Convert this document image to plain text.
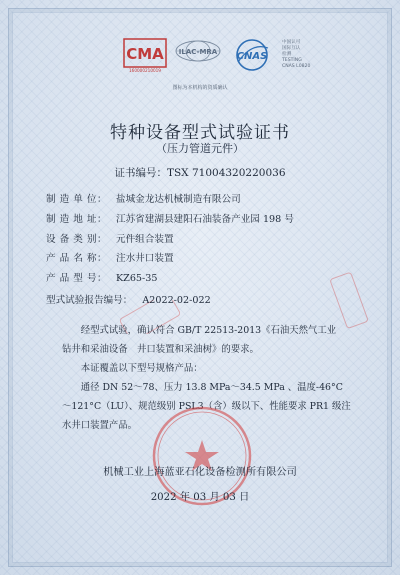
CMA
160000210019
ILAC-MRA CNAS
中国认可
国际互认
检测
TESTING
CNAS L0820
图标为本机构的资质确认
特种设备型式试验证书
（压力管道元件）
证书编号：TSX 71004320220036
制 造 单 位： 盐城金龙达机械制造有限公司
制 造 地 址： 江苏省建湖县建阳石油装备产业园 198 号
设 备 类 别： 元件组合装置
产 品 名 称： 注水井口装置
产 品 型 号： KZ65-35
型式试验报告编号： A2022-02-022

经型式试验，确认符合 GB/T 22513-2013《石油天然气工业　钻井和采油设备　井口装置和采油树》的要求。

本证覆盖以下型号规格产品：

通径 DN 52～78、压力 13.8 MPa～34.5 MPa 、温度-46°C～121°C（LU）、规范级别 PSL3（含）级以下、性能要求 PR1 级注水井口装置产品。

机械工业上海蓝亚石化设备检测所有限公司
2022 年 03 月 03 日
